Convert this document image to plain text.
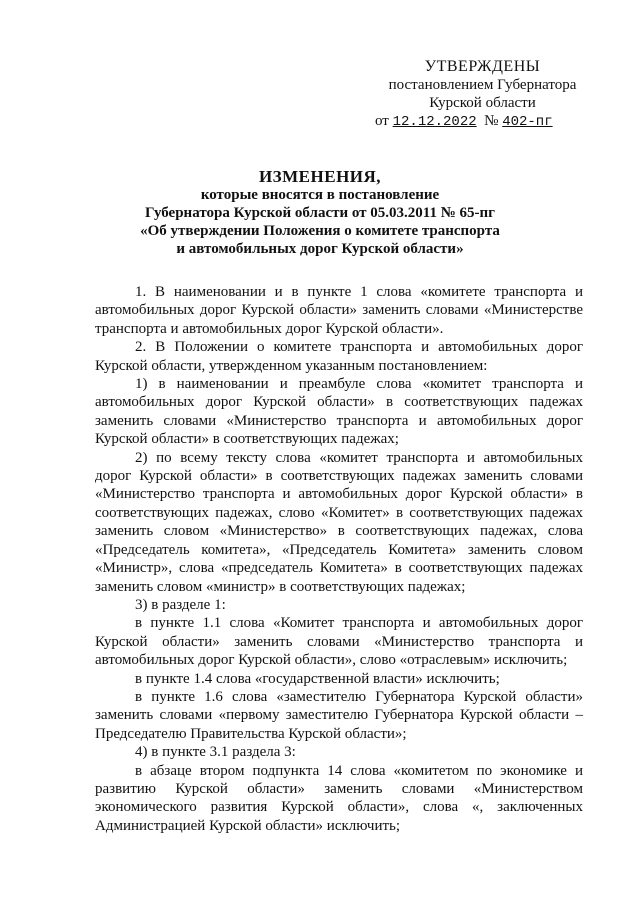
УТВЕРЖДЕНЫ
постановлением Губернатора
Курской области
от 12.12.2022 № 402-пг
ИЗМЕНЕНИЯ,
которые вносятся в постановление
Губернатора Курской области от 05.03.2011 № 65-пг
«Об утверждении Положения о комитете транспорта
и автомобильных дорог Курской области»

1. В наименовании и в пункте 1 слова «комитете транспорта и автомобильных дорог Курской области» заменить словами «Министерстве транспорта и автомобильных дорог Курской области».

2. В Положении о комитете транспорта и автомобильных дорог Курской области, утвержденном указанным постановлением:

1) в наименовании и преамбуле слова «комитет транспорта и автомобильных дорог Курской области» в соответствующих падежах заменить словами «Министерство транспорта и автомобильных дорог Курской области» в соответствующих падежах;

2) по всему тексту слова «комитет транспорта и автомобильных дорог Курской области» в соответствующих падежах заменить словами «Министерство транспорта и автомобильных дорог Курской области» в соответствующих падежах, слово «Комитет» в соответствующих падежах заменить словом «Министерство» в соответствующих падежах, слова «Председатель комитета», «Председатель Комитета» заменить словом «Министр», слова «председатель Комитета» в соответствующих падежах заменить словом «министр» в соответствующих падежах;

3) в разделе 1:

в пункте 1.1 слова «Комитет транспорта и автомобильных дорог Курской области» заменить словами «Министерство транспорта и автомобильных дорог Курской области», слово «отраслевым» исключить;

в пункте 1.4 слова «государственной власти» исключить;

в пункте 1.6 слова «заместителю Губернатора Курской области» заменить словами «первому заместителю Губернатора Курской области – Председателю Правительства Курской области»;

4) в пункте 3.1 раздела 3:

в абзаце втором подпункта 14 слова «комитетом по экономике и развитию Курской области» заменить словами «Министерством экономического развития Курской области», слова «, заключенных Администрацией Курской области» исключить;
